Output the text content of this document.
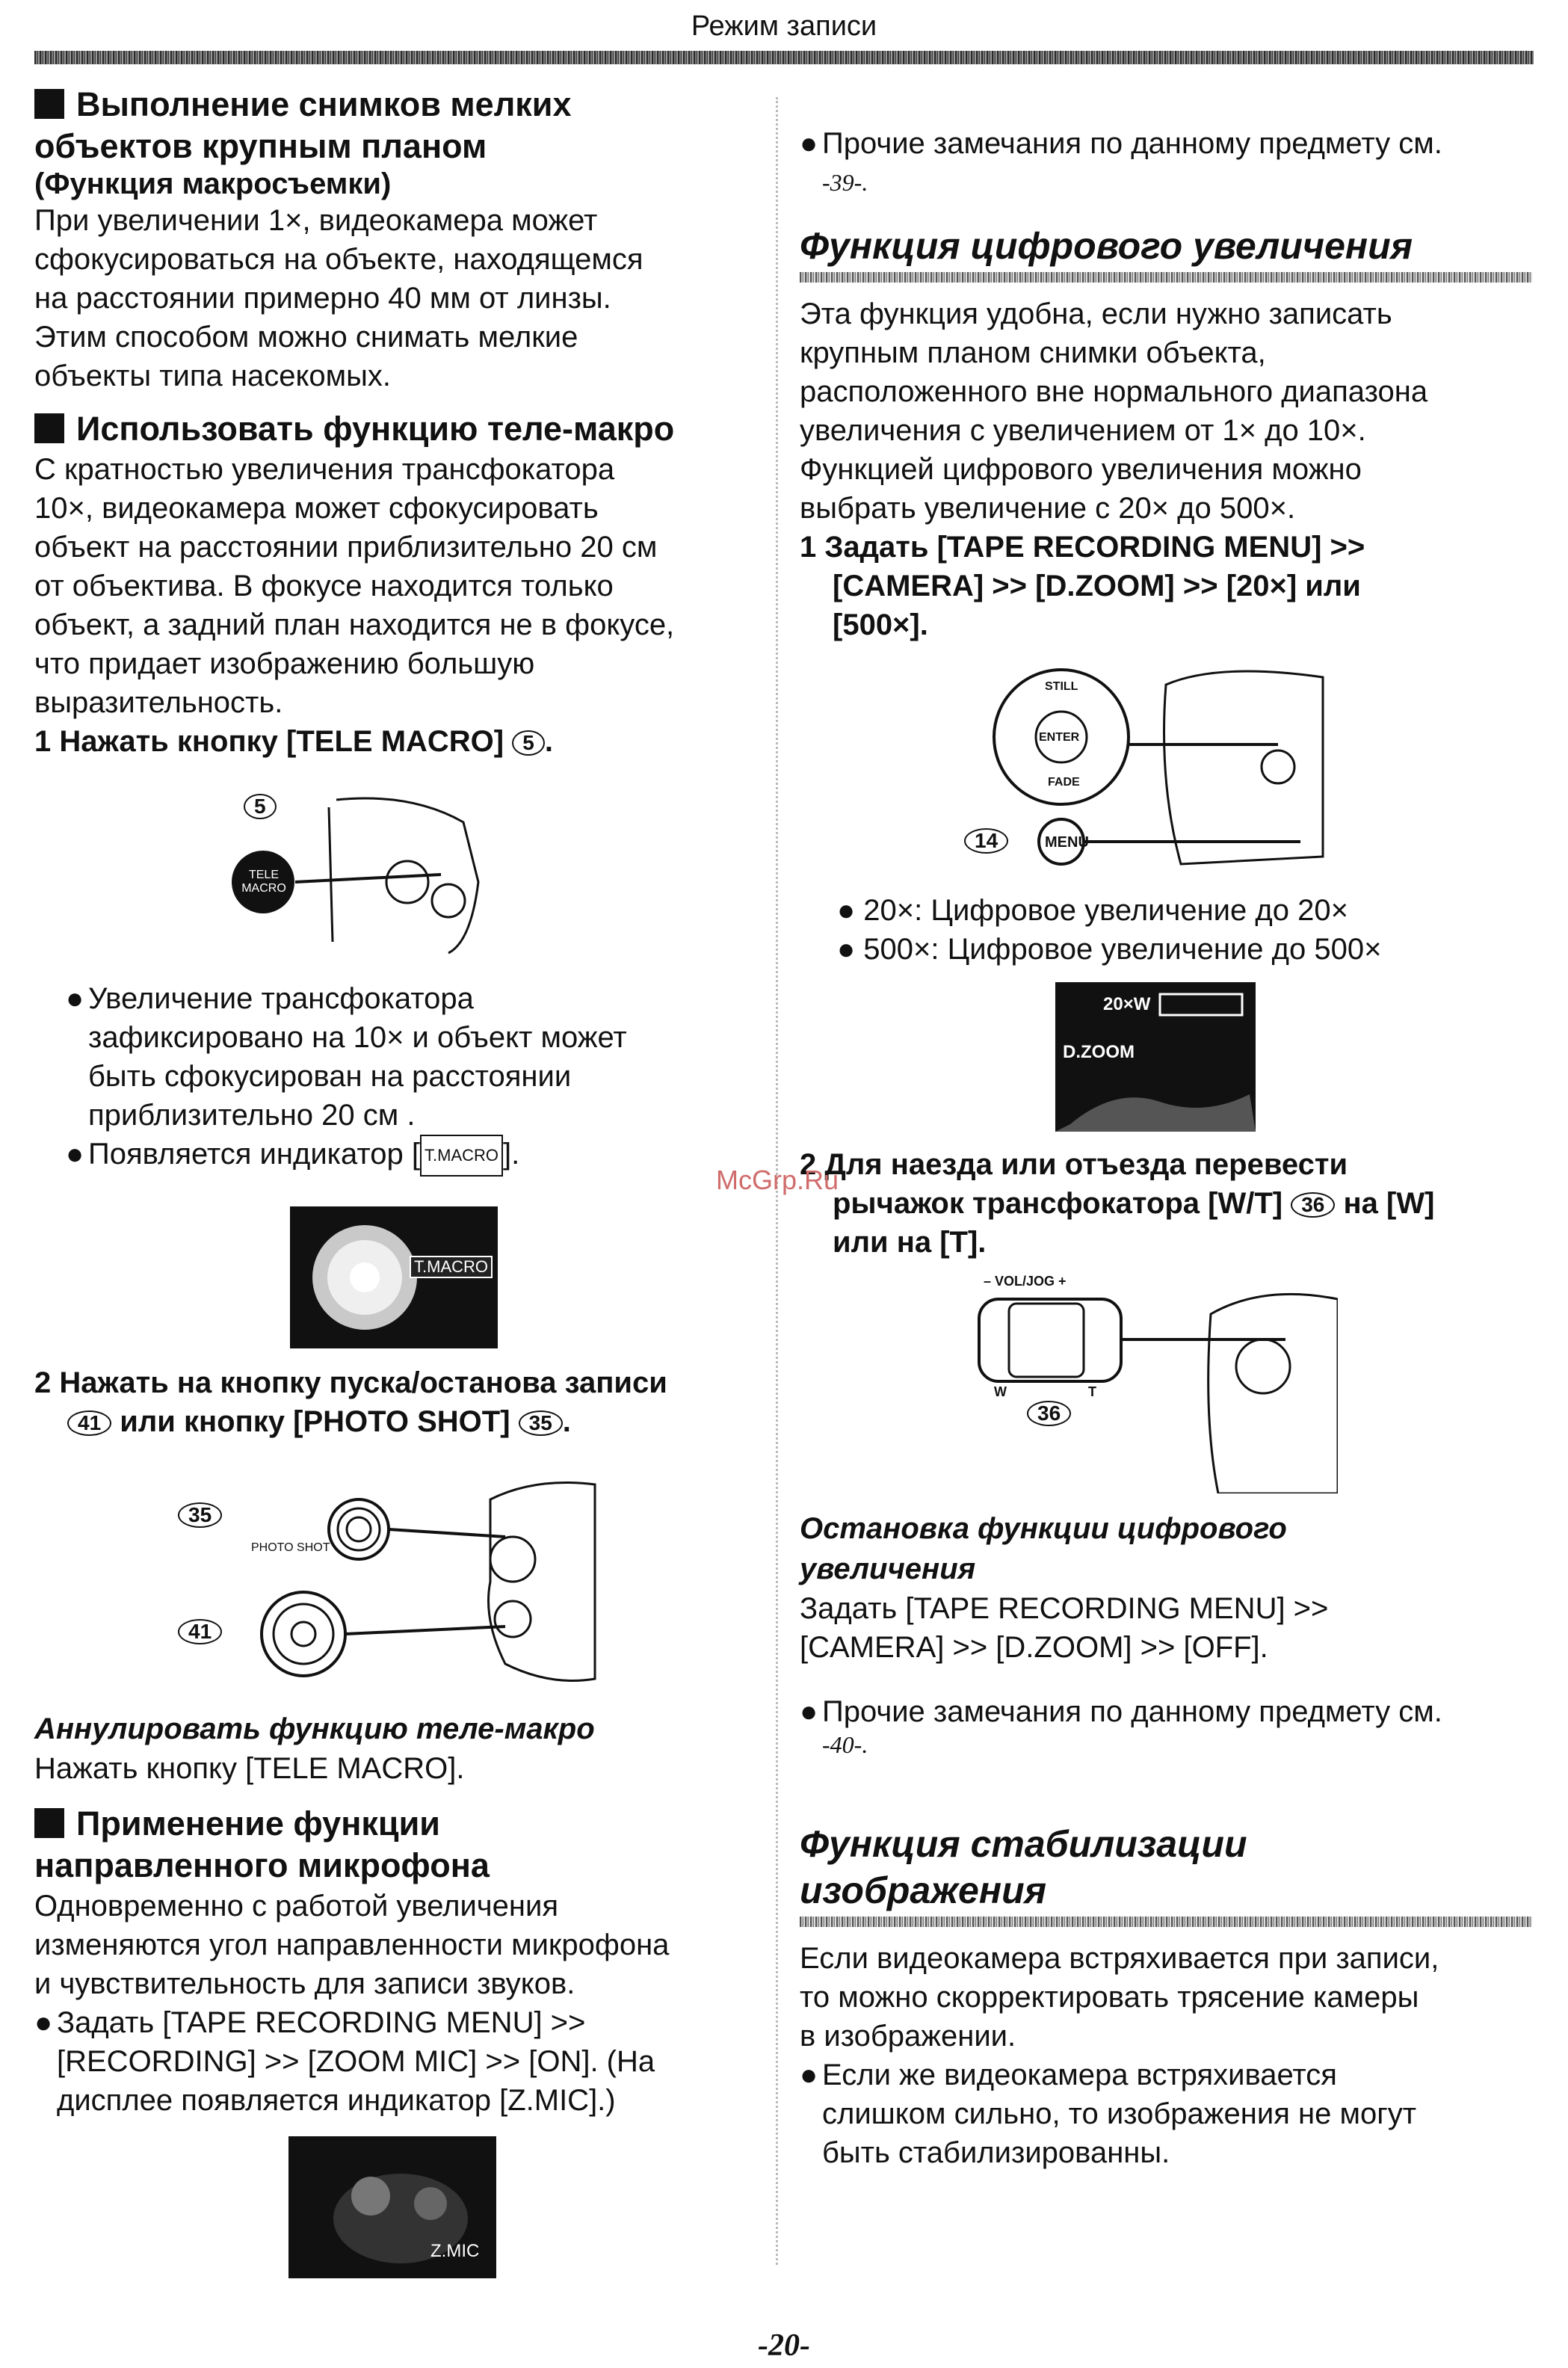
Режим записи
Выполнение снимков мелких
объектов крупным планом
(Функция макросъемки)
При увеличении 1×, видеокамера может
сфокусироваться на объекте, находящемся
на расстоянии примерно 40 мм от линзы.
Этим способом можно снимать мелкие
объекты типа насекомых.
Использовать функцию теле-макро
С кратностью увеличения трансфокатора
10×, видеокамера может сфокусировать
объект на расстоянии приблизительно 20 см
от объектива. В фокусе находится только
объект, а задний план находится не в фокусе,
что придает изображению большую
выразительность.
1 Нажать кнопку [TELE MACRO] 5 .
5
TELE MACRO
● Увеличение трансфокатора
зафиксировано на 10× и объект может
быть сфокусирован на расстоянии
приблизительно 20 см .
● Появляется индикатор [ T.MACRO ].
T.MACRO
2 Нажать на кнопку пуска/останова записи
41 или кнопку [PHOTO SHOT] 35 .
35
PHOTO SHOT
41
Аннулировать функцию теле-макро
Нажать кнопку [TELE MACRO].
Применение функции
направленного микрофона
Одновременно с работой увеличения
изменяются угол направленности микрофона
и чувствительность для записи звуков.
● Задать [TAPE RECORDING MENU] >>
[RECORDING] >> [ZOOM MIC] >> [ON]. (На
дисплее появляется индикатор [Z.MIC].)
Z.MIC
● Прочие замечания по данному предмету см.
-39-.
Функция цифрового увеличения
Эта функция удобна, если нужно записать
крупным планом снимки объекта,
расположенного вне нормального диапазона
увеличения с увеличением от 1× до 10×.
Функцией цифрового увеличения можно
выбрать увеличение с 20× до 500×.
1 Задать [TAPE RECORDING MENU] >>
[CAMERA] >> [D.ZOOM] >> [20×] или
[500×].
STILL
ENTER
FADE
MENU
14
● 20×: Цифровое увеличение до 20×
● 500×: Цифровое увеличение до 500×
20×W
D.ZOOM
2 Для наезда или отъезда перевести
рычажок трансфокатора [W/T] 36 на [W]
или на [T].
– VOL/JOG +
W	T
36
Остановка функции цифрового
увеличения
Задать [TAPE RECORDING MENU] >>
[CAMERA] >> [D.ZOOM] >> [OFF].
● Прочие замечания по данному предмету см.
-40-.
Функция стабилизации
изображения
Если видеокамера встряхивается при записи,
то можно скорректировать трясение камеры
в изображении.
● Если же видеокамера встряхивается
слишком сильно, то изображения не могут
быть стабилизированны.
McGrp.Ru
-20-
